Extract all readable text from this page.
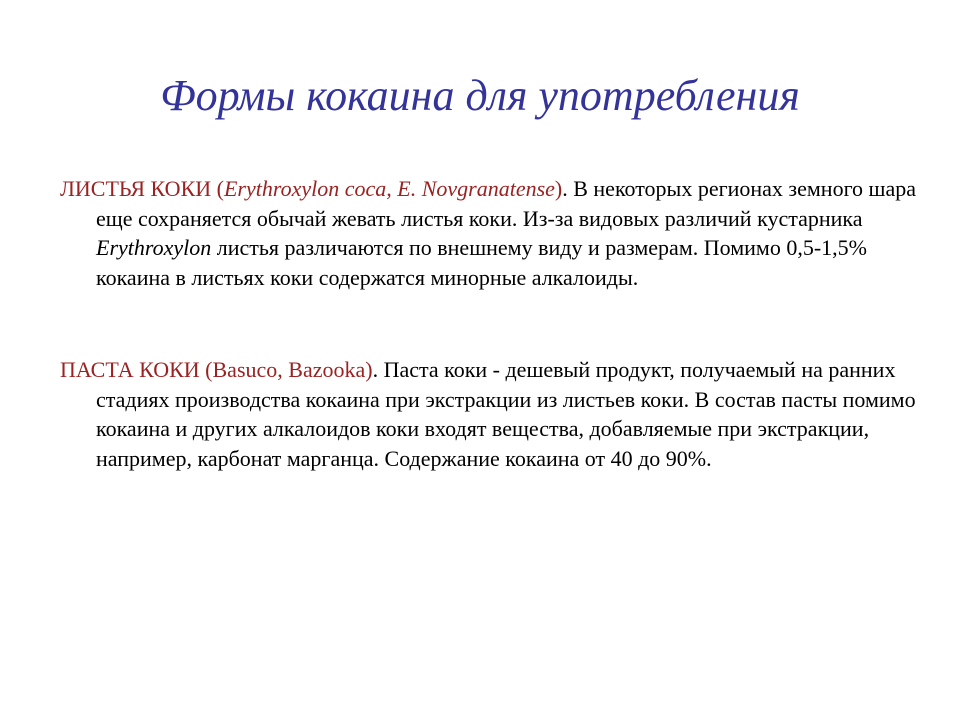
Формы кокаина для употребления

ЛИСТЬЯ КОКИ (Erythroxylon coca, E. Novgranatense). В некоторых регионах земного шара еще сохраняется обычай жевать листья коки. Из-за видовых различий кустарника Erythroxylon листья различаются по внешнему виду и размерам. Помимо 0,5-1,5% кокаина в листьях коки содержатся минорные алкалоиды.

ПАСТА КОКИ (Basuco, Bazooka). Паста коки - дешевый продукт, получаемый на ранних стадиях производства кокаина при экстракции из листьев коки. В состав пасты помимо кокаина и других алкалоидов коки входят вещества, добавляемые при экстракции, например, карбонат марганца. Содержание кокаина от 40 до 90%.
